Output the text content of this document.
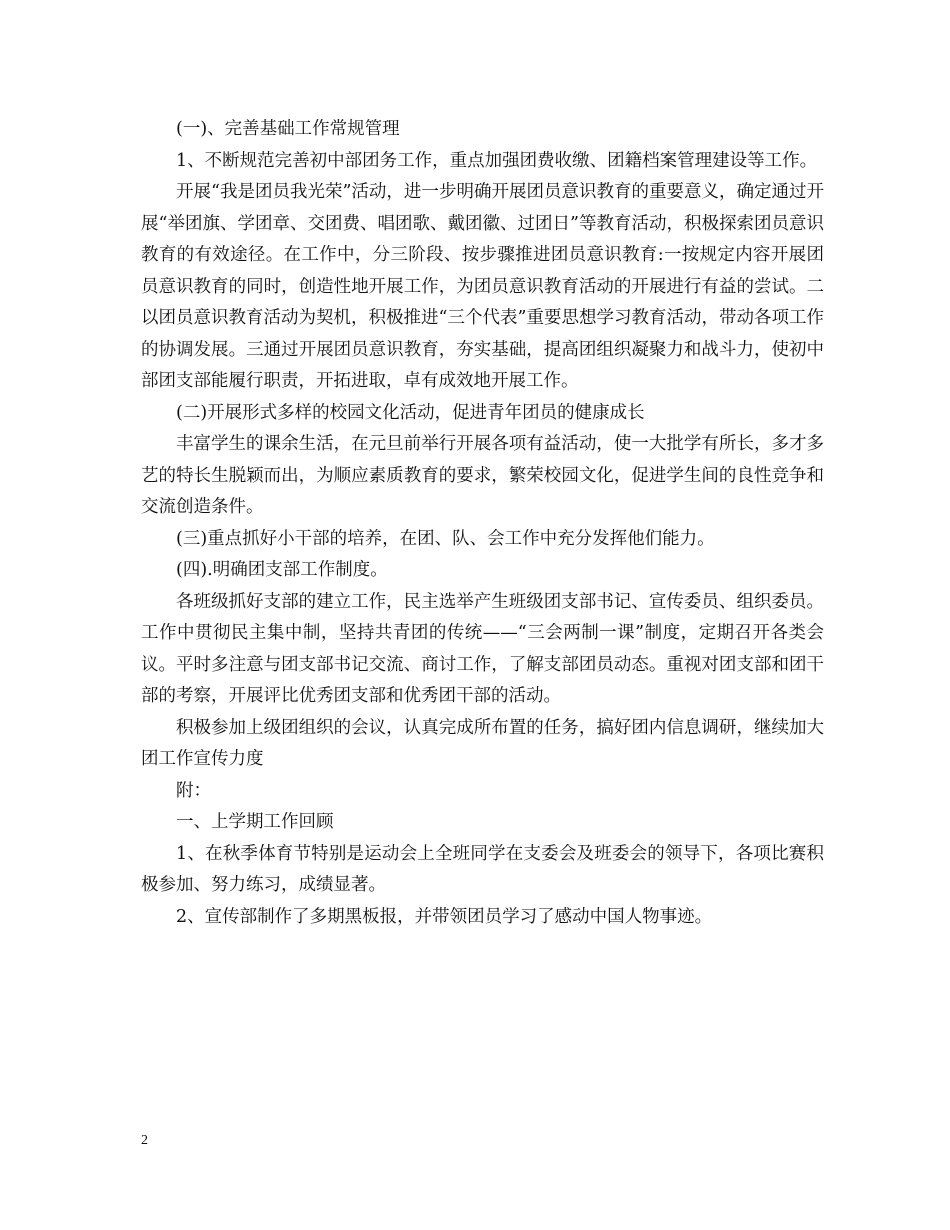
(一)、完善基础工作常规管理

1、不断规范完善初中部团务工作，重点加强团费收缴、团籍档案管理建设等工作。

开展“我是团员我光荣”活动，进一步明确开展团员意识教育的重要意义，确定通过开展“举团旗、学团章、交团费、唱团歌、戴团徽、过团日”等教育活动，积极探索团员意识教育的有效途径。在工作中，分三阶段、按步骤推进团员意识教育:一按规定内容开展团员意识教育的同时，创造性地开展工作，为团员意识教育活动的开展进行有益的尝试。二以团员意识教育活动为契机，积极推进“三个代表”重要思想学习教育活动，带动各项工作的协调发展。三通过开展团员意识教育，夯实基础，提高团组织凝聚力和战斗力，使初中部团支部能履行职责，开拓进取，卓有成效地开展工作。

(二)开展形式多样的校园文化活动，促进青年团员的健康成长

丰富学生的课余生活，在元旦前举行开展各项有益活动，使一大批学有所长，多才多艺的特长生脱颖而出，为顺应素质教育的要求，繁荣校园文化，促进学生间的良性竞争和交流创造条件。

(三)重点抓好小干部的培养，在团、队、会工作中充分发挥他们能力。

(四).明确团支部工作制度。

各班级抓好支部的建立工作，民主选举产生班级团支部书记、宣传委员、组织委员。工作中贯彻民主集中制，坚持共青团的传统——“三会两制一课”制度，定期召开各类会议。平时多注意与团支部书记交流、商讨工作，了解支部团员动态。重视对团支部和团干部的考察，开展评比优秀团支部和优秀团干部的活动。

积极参加上级团组织的会议，认真完成所布置的任务，搞好团内信息调研，继续加大团工作宣传力度

附：

一、上学期工作回顾

1、在秋季体育节特别是运动会上全班同学在支委会及班委会的领导下，各项比赛积极参加、努力练习，成绩显著。

2、宣传部制作了多期黑板报，并带领团员学习了感动中国人物事迹。

2
